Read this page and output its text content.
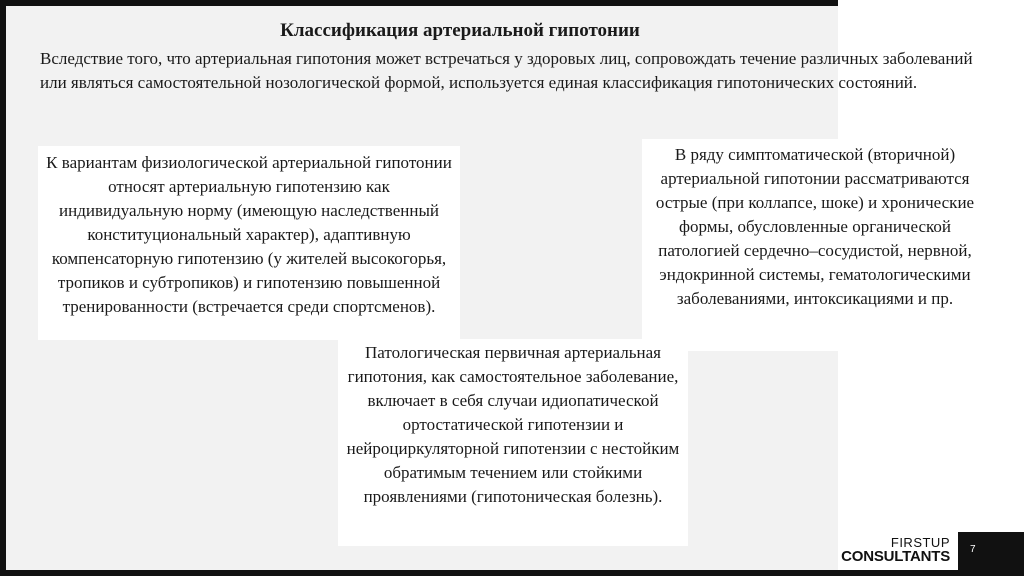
Классификация артериальной гипотонии
Вследствие того, что артериальная гипотония может встречаться у здоровых лиц, сопровождать течение различных заболеваний или являться самостоятельной нозологической формой, используется единая классификация гипотонических состояний.
К вариантам физиологической артериальной гипотонии относят артериальную гипотензию как индивидуальную норму (имеющую наследственный конституциональный характер), адаптивную компенсаторную гипотензию (у жителей высокогорья, тропиков и субтропиков) и гипотензию повышенной тренированности (встречается среди спортсменов).
В ряду симптоматической (вторичной) артериальной гипотонии рассматриваются острые (при коллапсе, шоке) и хронические формы, обусловленные органической патологией сердечно–сосудистой, нервной, эндокринной системы, гематологическими заболеваниями, интоксикациями и пр.
Патологическая первичная артериальная гипотония, как самостоятельное заболевание, включает в себя случаи идиопатической ортостатической гипотензии и нейроциркуляторной гипотензии с нестойким обратимым течением или стойкими проявлениями (гипотоническая болезнь).
FIRSTUP
CONSULTANTS 7
